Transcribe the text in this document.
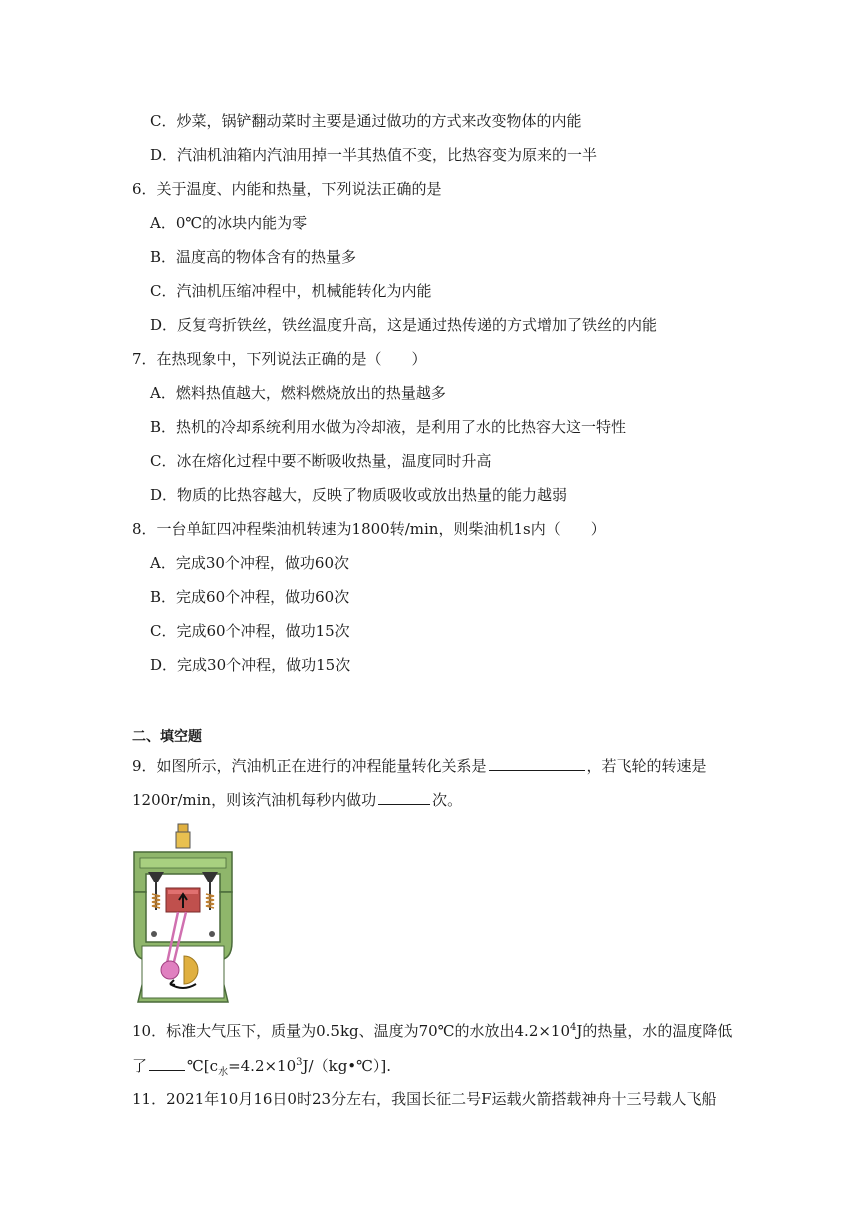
C．炒菜，锅铲翻动菜时主要是通过做功的方式来改变物体的内能
D．汽油机油箱内汽油用掉一半其热值不变，比热容变为原来的一半
6．关于温度、内能和热量，下列说法正确的是
A．0℃的冰块内能为零
B．温度高的物体含有的热量多
C．汽油机压缩冲程中，机械能转化为内能
D．反复弯折铁丝，铁丝温度升高，这是通过热传递的方式增加了铁丝的内能
7．在热现象中，下列说法正确的是（　　）
A．燃料热值越大，燃料燃烧放出的热量越多
B．热机的冷却系统利用水做为冷却液，是利用了水的比热容大这一特性
C．冰在熔化过程中要不断吸收热量，温度同时升高
D．物质的比热容越大，反映了物质吸收或放出热量的能力越弱
8．一台单缸四冲程柴油机转速为1800转/min，则柴油机1s内（　　）
A．完成30个冲程，做功60次
B．完成60个冲程，做功60次
C．完成60个冲程，做功15次
D．完成30个冲程，做功15次
二、填空题
9．如图所示，汽油机正在进行的冲程能量转化关系是	，若飞轮的转速是
1200r/min，则该汽油机每秒内做功	次。
10．标准大气压下，质量为0.5kg、温度为70℃的水放出$4.2\times 10^4J$的热量，水的温度降低
了	$℃[c_水=4.2\times 10^3J/(kg•℃)]$.
11．2021年10月16日0时23分左右，我国长征二号F运载火箭搭载神舟十三号载人飞船
